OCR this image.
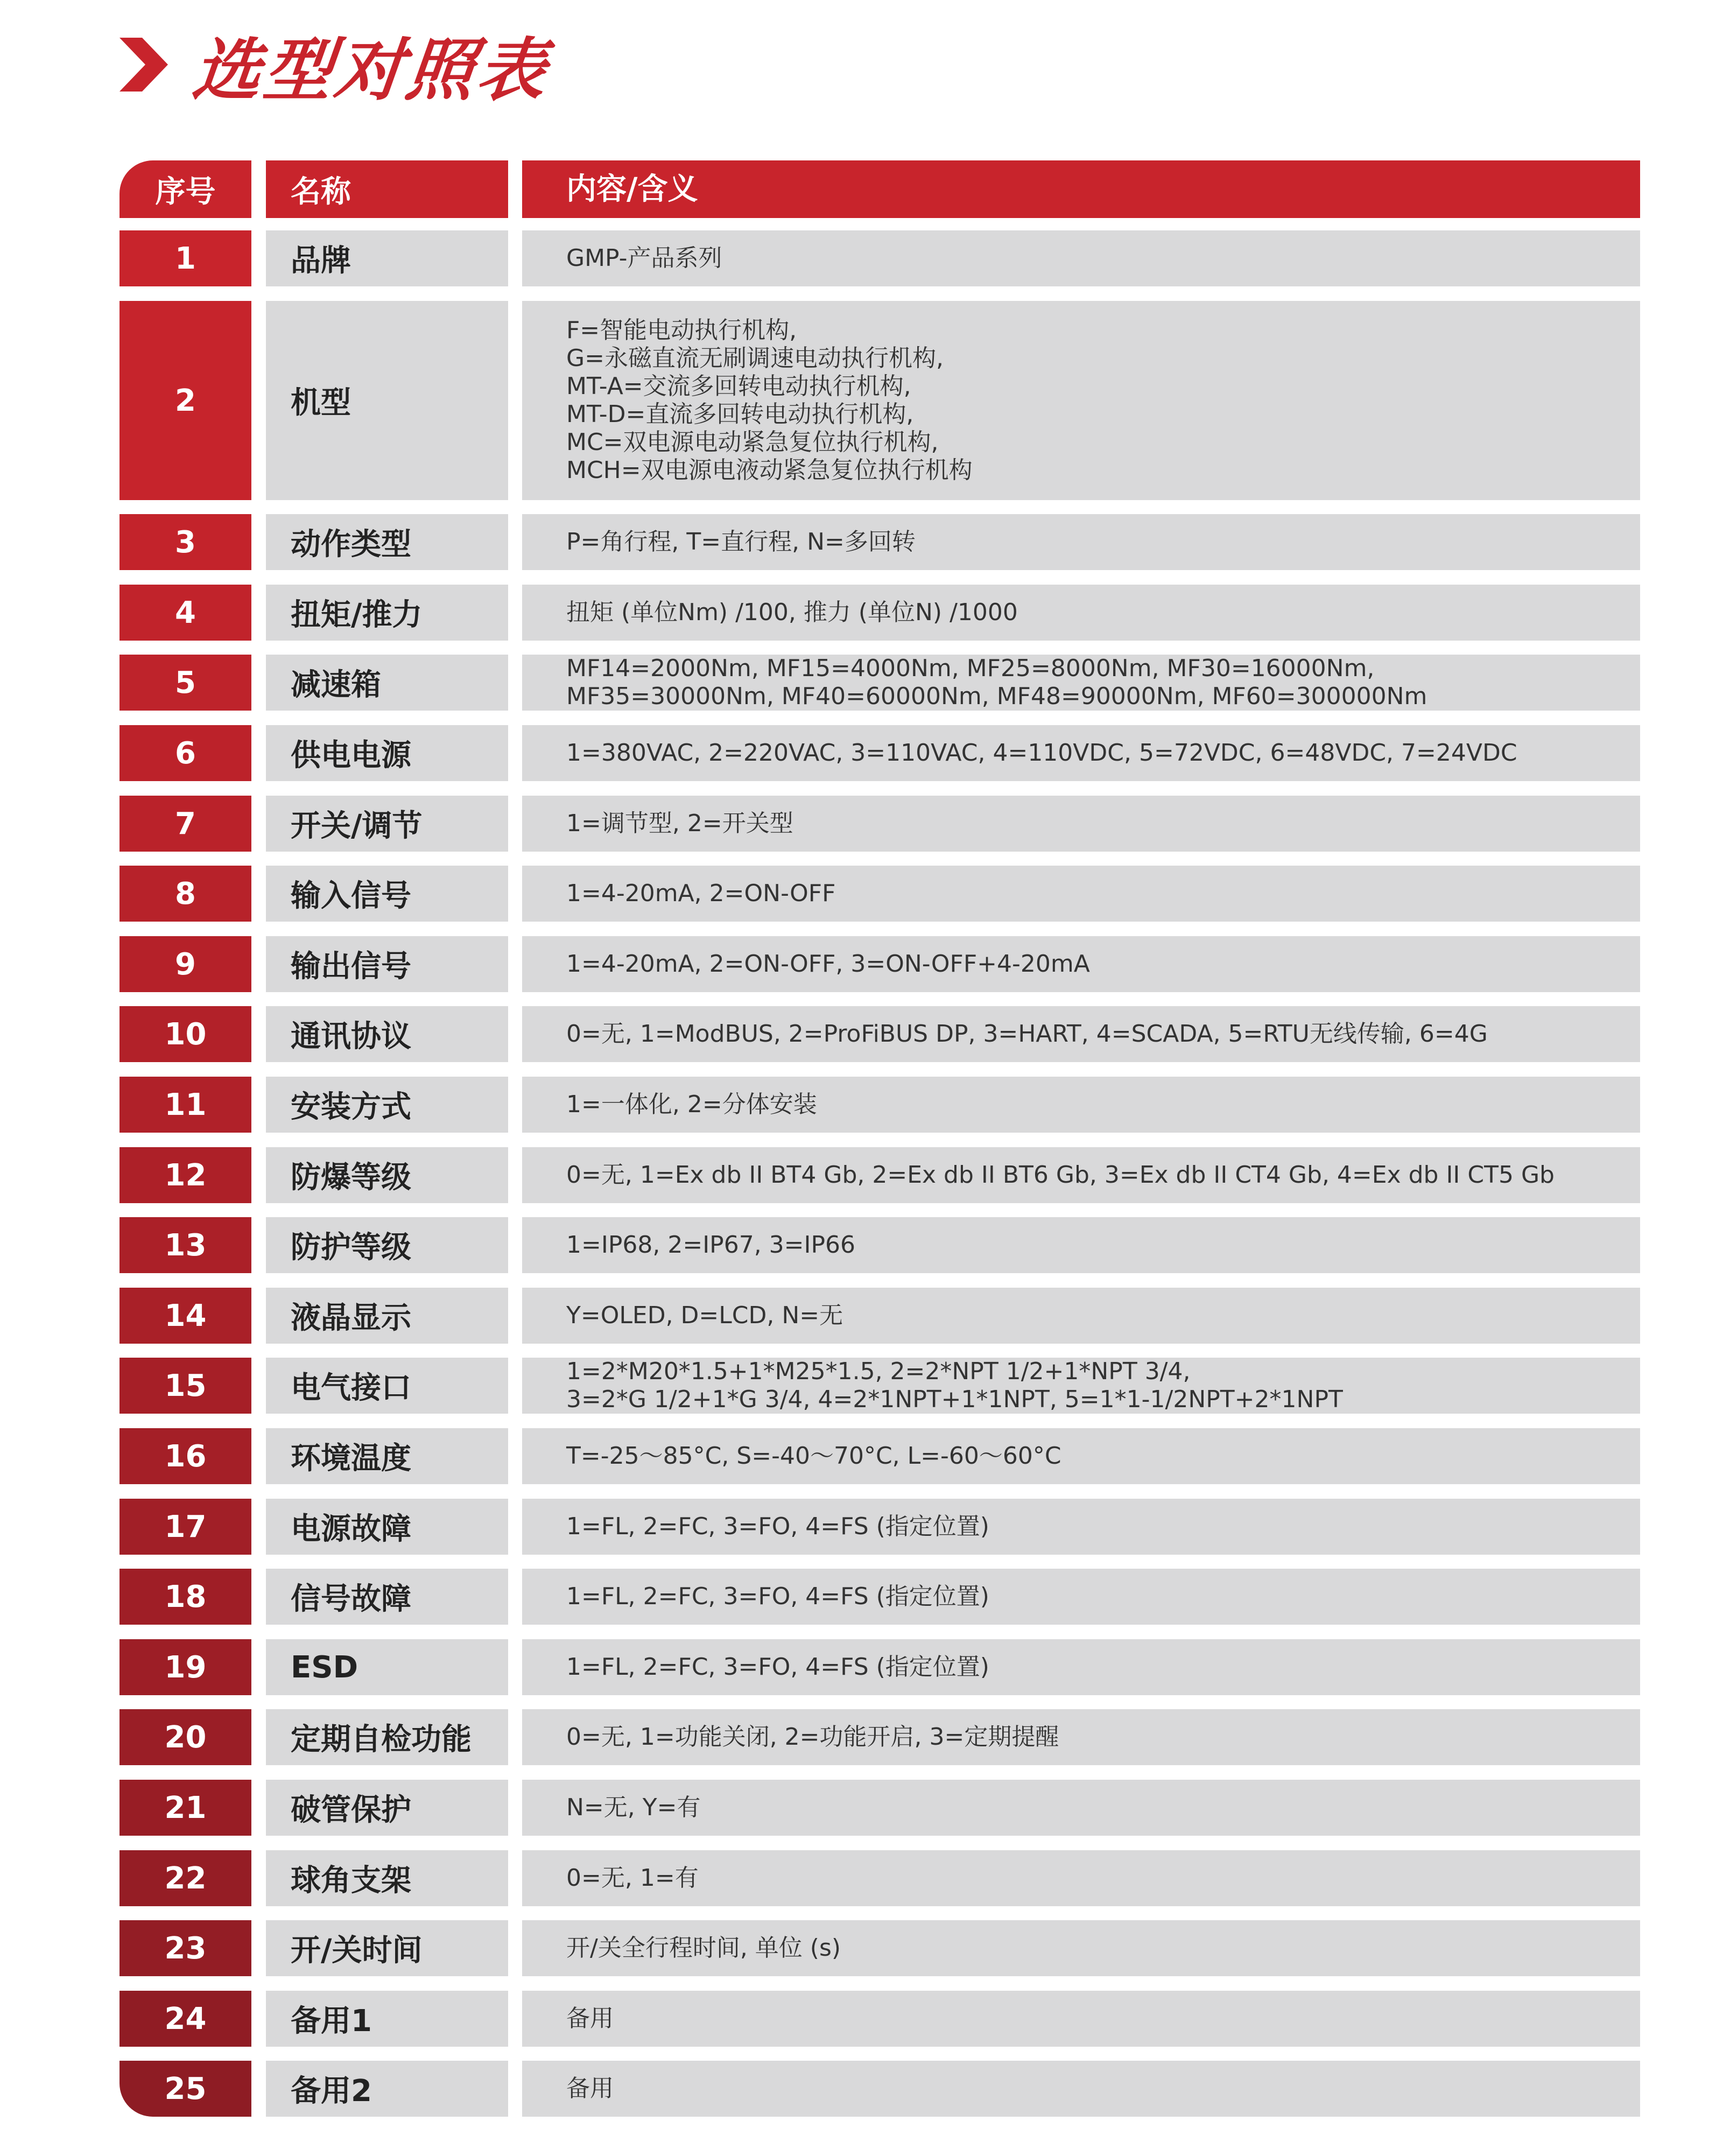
选型对照表
序号	名称	内容/含义
1	品牌	GMP-产品系列
2	机型
F=智能电动执行机构,
G=永磁直流无刷调速电动执行机构,
MT-A=交流多回转电动执行机构,
MT-D=直流多回转电动执行机构,
MC=双电源电动紧急复位执行机构,
MCH=双电源电液动紧急复位执行机构
3	动作类型	P=角行程, T=直行程, N=多回转
4	扭矩/推力	扭矩 (单位Nm) /100, 推力 (单位N) /1000
5	减速箱	MF14=2000Nm, MF15=4000Nm, MF25=8000Nm, MF30=16000Nm,
MF35=30000Nm, MF40=60000Nm, MF48=90000Nm, MF60=300000Nm
6	供电电源	1=380VAC, 2=220VAC, 3=110VAC, 4=110VDC, 5=72VDC, 6=48VDC, 7=24VDC
7	开关/调节	1=调节型, 2=开关型
8	输入信号	1=4-20mA, 2=ON-OFF
9	输出信号	1=4-20mA, 2=ON-OFF, 3=ON-OFF+4-20mA
10	通讯协议	0=无, 1=ModBUS, 2=ProFiBUS DP, 3=HART, 4=SCADA, 5=RTU无线传输, 6=4G
11	安装方式	1=一体化, 2=分体安装
12	防爆等级	0=无, 1=Ex db II BT4 Gb, 2=Ex db II BT6 Gb, 3=Ex db II CT4 Gb, 4=Ex db II CT5 Gb
13	防护等级	1=IP68, 2=IP67, 3=IP66
14	液晶显示	Y=OLED, D=LCD, N=无
15	电气接口	1=2*M20*1.5+1*M25*1.5, 2=2*NPT 1/2+1*NPT 3/4,
3=2*G 1/2+1*G 3/4, 4=2*1NPT+1*1NPT, 5=1*1-1/2NPT+2*1NPT
16	环境温度	T=-25〜85°C, S=-40〜70°C, L=-60〜60°C
17	电源故障	1=FL, 2=FC, 3=FO, 4=FS (指定位置)
18	信号故障	1=FL, 2=FC, 3=FO, 4=FS (指定位置)
19	ESD	1=FL, 2=FC, 3=FO, 4=FS (指定位置)
20	定期自检功能	0=无, 1=功能关闭, 2=功能开启, 3=定期提醒
21	破管保护	N=无, Y=有
22	球角支架	0=无, 1=有
23	开/关时间	开/关全行程时间, 单位 (s)
24	备用1	备用
25	备用2	备用
